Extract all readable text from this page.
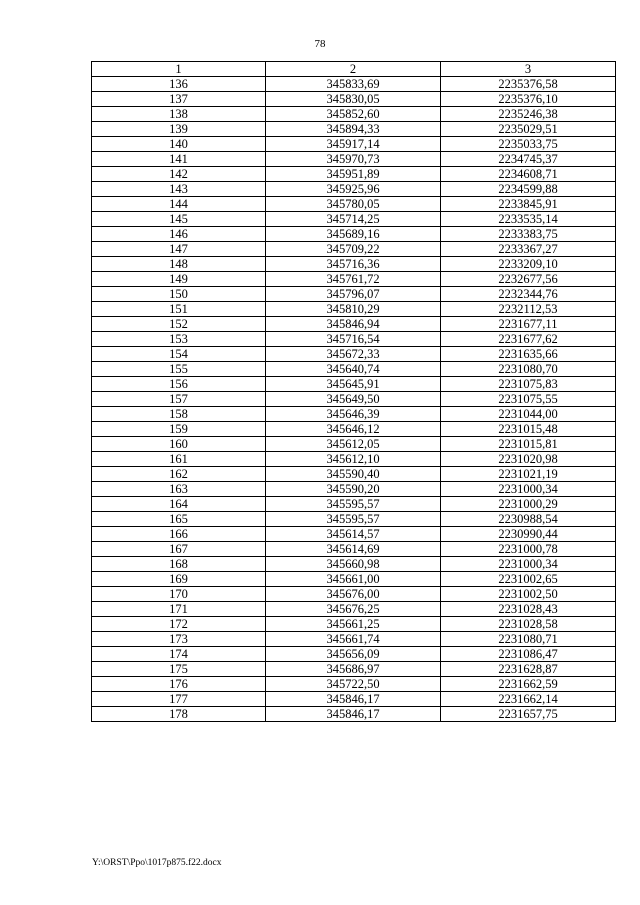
78
1	2	3
136	345833,69	2235376,58
137	345830,05	2235376,10
138	345852,60	2235246,38
139	345894,33	2235029,51
140	345917,14	2235033,75
141	345970,73	2234745,37
142	345951,89	2234608,71
143	345925,96	2234599,88
144	345780,05	2233845,91
145	345714,25	2233535,14
146	345689,16	2233383,75
147	345709,22	2233367,27
148	345716,36	2233209,10
149	345761,72	2232677,56
150	345796,07	2232344,76
151	345810,29	2232112,53
152	345846,94	2231677,11
153	345716,54	2231677,62
154	345672,33	2231635,66
155	345640,74	2231080,70
156	345645,91	2231075,83
157	345649,50	2231075,55
158	345646,39	2231044,00
159	345646,12	2231015,48
160	345612,05	2231015,81
161	345612,10	2231020,98
162	345590,40	2231021,19
163	345590,20	2231000,34
164	345595,57	2231000,29
165	345595,57	2230988,54
166	345614,57	2230990,44
167	345614,69	2231000,78
168	345660,98	2231000,34
169	345661,00	2231002,65
170	345676,00	2231002,50
171	345676,25	2231028,43
172	345661,25	2231028,58
173	345661,74	2231080,71
174	345656,09	2231086,47
175	345686,97	2231628,87
176	345722,50	2231662,59
177	345846,17	2231662,14
178	345846,17	2231657,75
Y:\ORST\Ppo\1017p875.f22.docx
